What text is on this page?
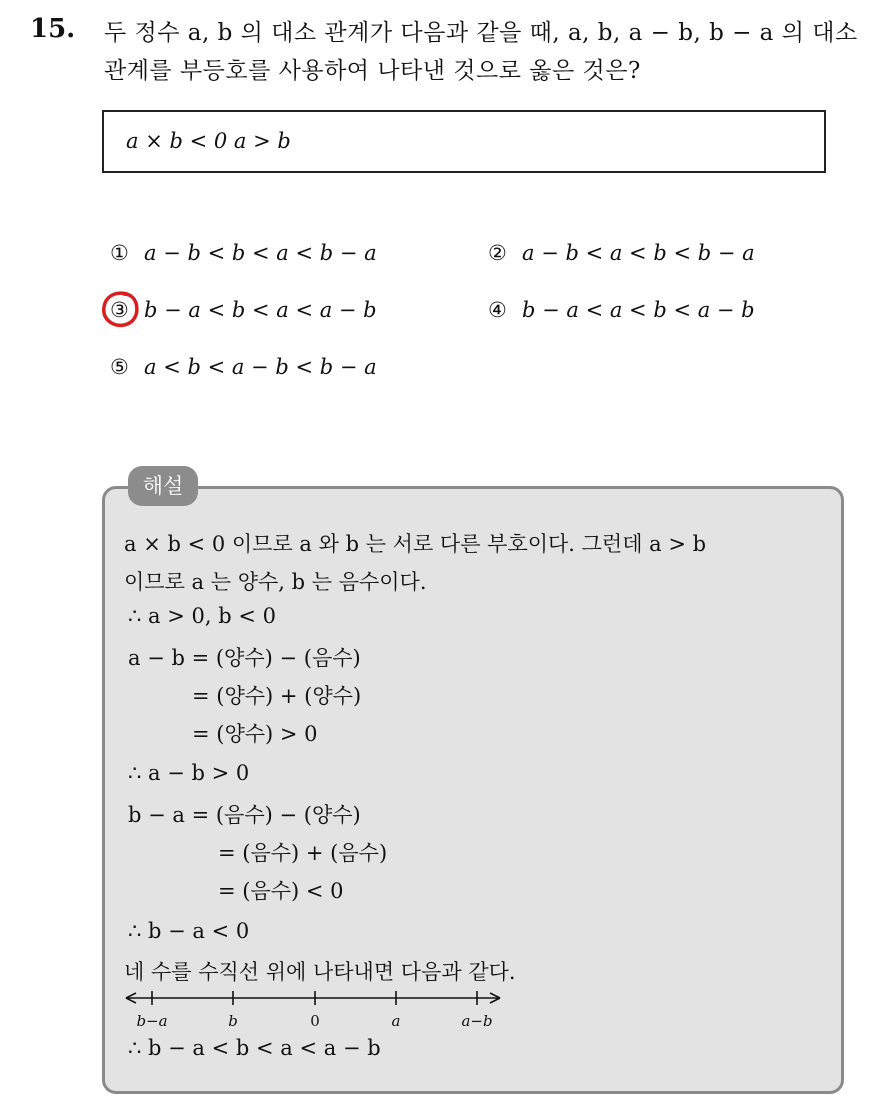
15. 두 정수 a, b 의 대소 관계가 다음과 같을 때, a, b, a − b, b − a 의 대소
관계를 부등호를 사용하여 나타낸 것으로 옳은 것은?
a × b < 0 a > b
① a − b < b < a < b − a	② a − b < a < b < b − a
③ b − a < b < a < a − b	④ b − a < a < b < a − b
⑤ a < b < a − b < b − a
해설
a × b < 0 이므로 a 와 b 는 서로 다른 부호이다. 그런데 a > b
이므로 a 는 양수, b 는 음수이다.
∴ a > 0, b < 0
a − b = (양수) − (음수)
= (양수) + (양수)
= (양수) > 0
∴ a − b > 0
b − a = (음수) − (양수)
= (음수) + (음수)
= (음수) < 0
∴ b − a < 0
네 수를 수직선 위에 나타내면 다음과 같다.
b−a	b	0	a	a−b
∴ b − a < b < a < a − b
